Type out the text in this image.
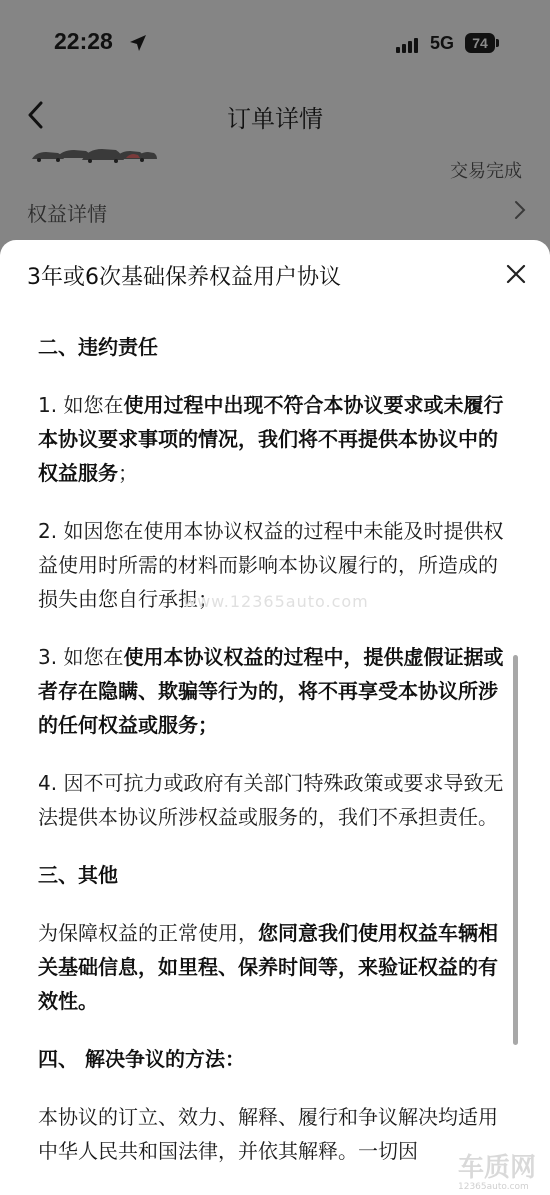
22:28	5G	74
订单详情
交易完成
权益详情
3年或6次基础保养权益用户协议
二、违约责任

1. 如您在使用过程中出现不符合本协议要求或未履行本协议要求事项的情况，我们将不再提供本协议中的权益服务；

2. 如因您在使用本协议权益的过程中未能及时提供权益使用时所需的材料而影响本协议履行的，所造成的损失由您自行承担；

3. 如您在使用本协议权益的过程中，提供虚假证据或者存在隐瞒、欺骗等行为的，将不再享受本协议所涉的任何权益或服务；

4. 因不可抗力或政府有关部门特殊政策或要求导致无法提供本协议所涉权益或服务的，我们不承担责任。

三、其他

为保障权益的正常使用，您同意我们使用权益车辆相关基础信息，如里程、保养时间等，来验证权益的有效性。

四、 解决争议的方法：

本协议的订立、效力、解释、履行和争议解决均适用中华人民共和国法律，并依其解释。一切因

www.12365auto.com
车质网
12365auto.com
